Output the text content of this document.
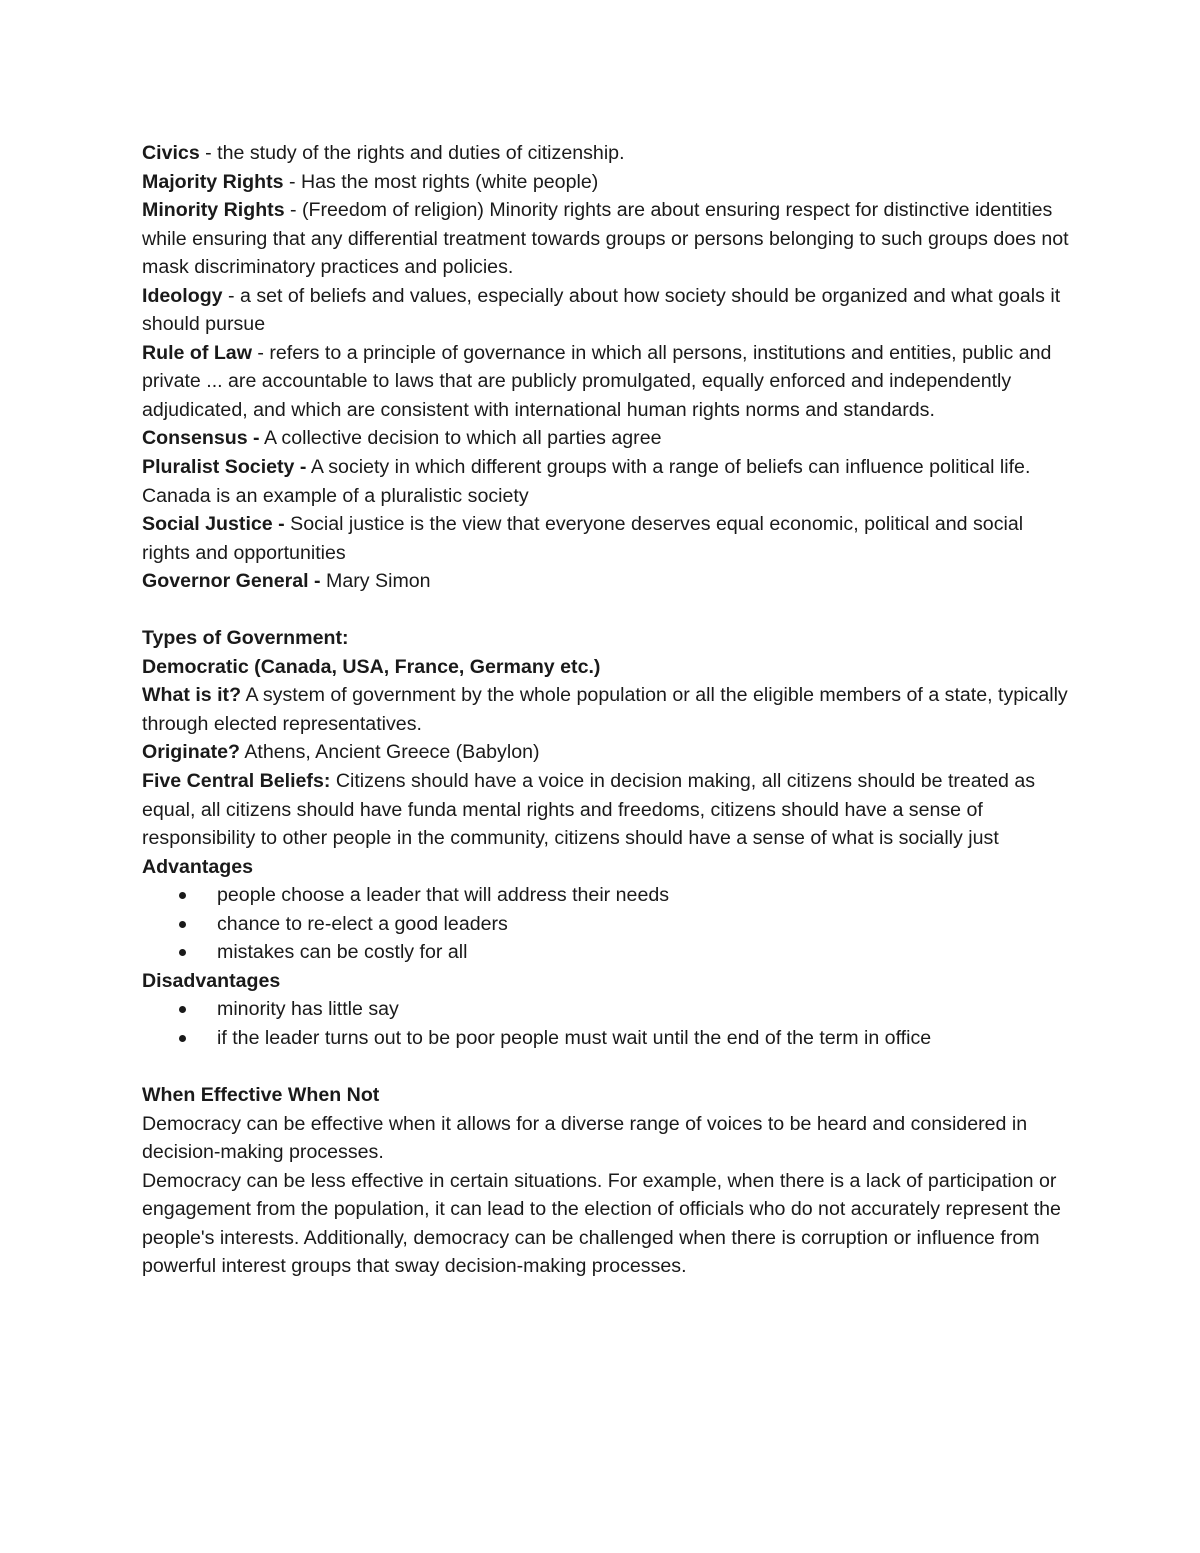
Civics - the study of the rights and duties of citizenship.

Majority Rights - Has the most rights (white people)

Minority Rights - (Freedom of religion) Minority rights are about ensuring respect for distinctive identities while ensuring that any differential treatment towards groups or persons belonging to such groups does not mask discriminatory practices and policies.

Ideology - a set of beliefs and values, especially about how society should be organized and what goals it should pursue

Rule of Law - refers to a principle of governance in which all persons, institutions and entities, public and private ... are accountable to laws that are publicly promulgated, equally enforced and independently adjudicated, and which are consistent with international human rights norms and standards.

Consensus - A collective decision to which all parties agree

Pluralist Society - A society in which different groups with a range of beliefs can influence political life. Canada is an example of a pluralistic society

Social Justice - Social justice is the view that everyone deserves equal economic, political and social rights and opportunities

Governor General - Mary Simon

Types of Government:

Democratic (Canada, USA, France, Germany etc.)

What is it? A system of government by the whole population or all the eligible members of a state, typically through elected representatives.

Originate? Athens, Ancient Greece (Babylon)

Five Central Beliefs: Citizens should have a voice in decision making, all citizens should be treated as equal, all citizens should have funda mental rights and freedoms, citizens should have a sense of responsibility to other people in the community, citizens should have a sense of what is socially just

Advantages

people choose a leader that will address their needs
chance to re-elect a good leaders
mistakes can be costly for all

Disadvantages

minority has little say
if the leader turns out to be poor people must wait until the end of the term in office

When Effective When Not

Democracy can be effective when it allows for a diverse range of voices to be heard and considered in decision-making processes.

Democracy can be less effective in certain situations. For example, when there is a lack of participation or engagement from the population, it can lead to the election of officials who do not accurately represent the people's interests. Additionally, democracy can be challenged when there is corruption or influence from powerful interest groups that sway decision-making processes.
